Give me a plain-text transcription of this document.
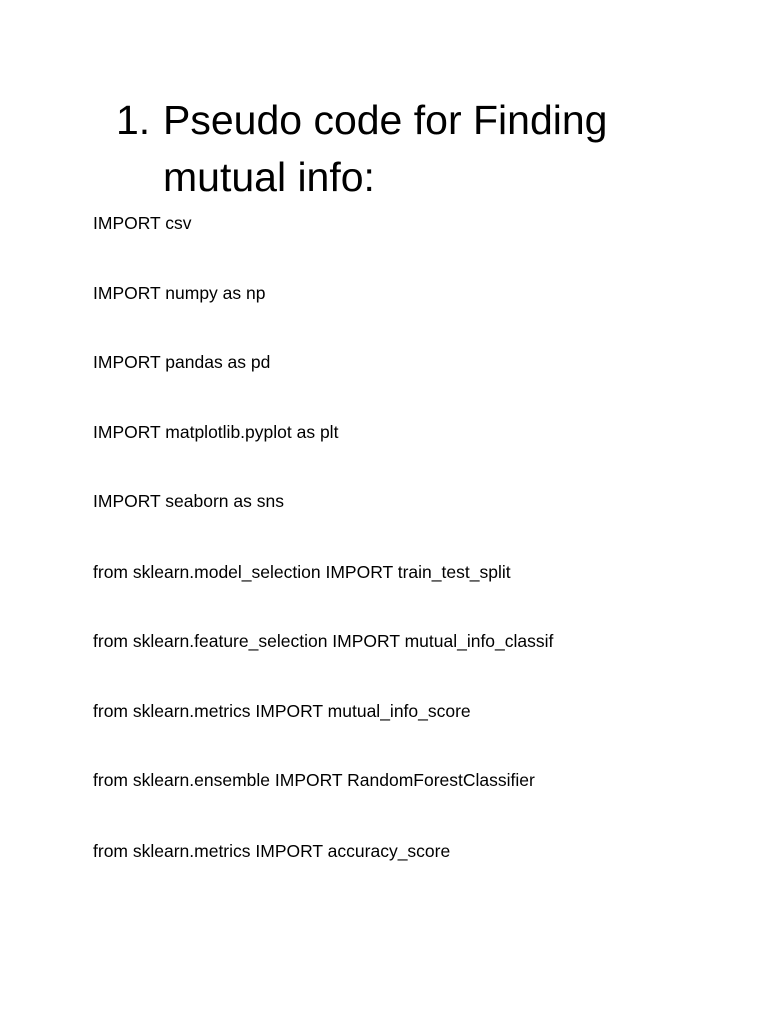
1. Pseudo code for Finding mutual info:

IMPORT csv

IMPORT numpy as np

IMPORT pandas as pd

IMPORT matplotlib.pyplot as plt

IMPORT seaborn as sns

from sklearn.model_selection IMPORT train_test_split

from sklearn.feature_selection IMPORT mutual_info_classif

from sklearn.metrics IMPORT mutual_info_score

from sklearn.ensemble IMPORT RandomForestClassifier

from sklearn.metrics IMPORT accuracy_score
